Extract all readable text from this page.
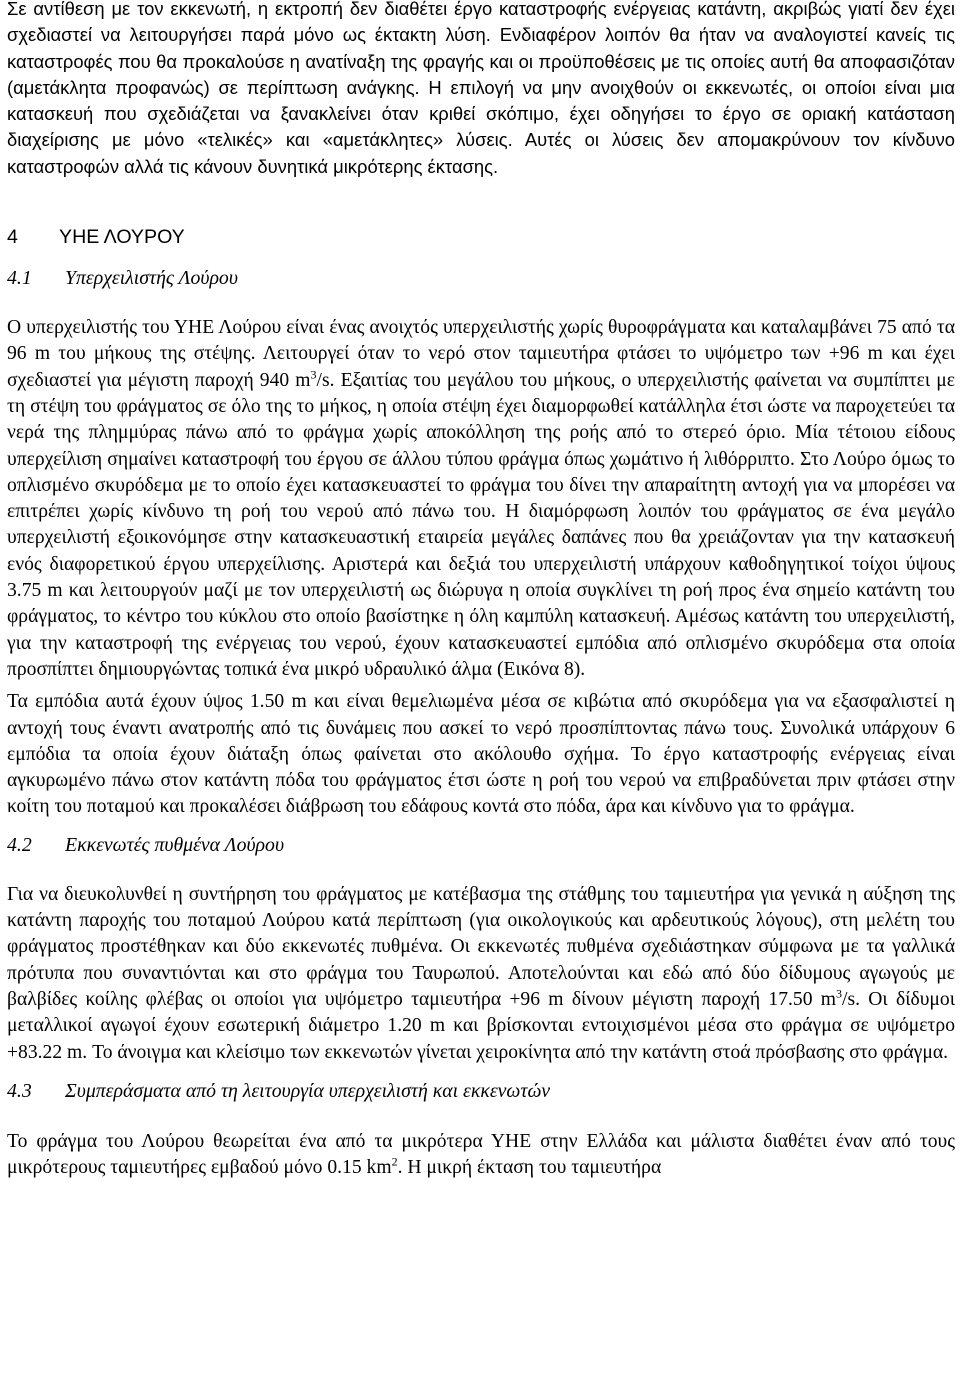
Σε αντίθεση με τον εκκενωτή, η εκτροπή δεν διαθέτει έργο καταστροφής ενέργειας κατάντη, ακριβώς γιατί δεν έχει σχεδιαστεί να λειτουργήσει παρά μόνο ως έκτακτη λύση. Ενδιαφέρον λοιπόν θα ήταν να αναλογιστεί κανείς τις καταστροφές που θα προκαλούσε η ανατίναξη της φραγής και οι προϋποθέσεις με τις οποίες αυτή θα αποφασιζόταν (αμετάκλητα προφανώς) σε περίπτωση ανάγκης. Η επιλογή να μην ανοιχθούν οι εκκενωτές, οι οποίοι είναι μια κατασκευή που σχεδιάζεται να ξανακλείνει όταν κριθεί σκόπιμο, έχει οδηγήσει το έργο σε οριακή κατάσταση διαχείρισης με μόνο «τελικές» και «αμετάκλητες» λύσεις. Αυτές οι λύσεις δεν απομακρύνουν τον κίνδυνο καταστροφών αλλά τις κάνουν δυνητικά μικρότερης έκτασης.

4 ΥΗΕ ΛΟΥΡΟΥ
4.1 Υπερχειλιστής Λούρου

Ο υπερχειλιστής του ΥΗΕ Λούρου είναι ένας ανοιχτός υπερχειλιστής χωρίς θυροφράγματα και καταλαμβάνει 75 από τα 96 m του μήκους της στέψης. Λειτουργεί όταν το νερό στον ταμιευτήρα φτάσει το υψόμετρο των +96 m και έχει σχεδιαστεί για μέγιστη παροχή 940 $m^3/s$. Εξαιτίας του μεγάλου του μήκους, ο υπερχειλιστής φαίνεται να συμπίπτει με τη στέψη του φράγματος σε όλο της το μήκος, η οποία στέψη έχει διαμορφωθεί κατάλληλα έτσι ώστε να παροχετεύει τα νερά της πλημμύρας πάνω από το φράγμα χωρίς αποκόλληση της ροής από το στερεό όριο. Μία τέτοιου είδους υπερχείλιση σημαίνει καταστροφή του έργου σε άλλου τύπου φράγμα όπως χωμάτινο ή λιθόρριπτο. Στο Λούρο όμως το οπλισμένο σκυρόδεμα με το οποίο έχει κατασκευαστεί το φράγμα του δίνει την απαραίτητη αντοχή για να μπορέσει να επιτρέπει χωρίς κίνδυνο τη ροή του νερού από πάνω του. Η διαμόρφωση λοιπόν του φράγματος σε ένα μεγάλο υπερχειλιστή εξοικονόμησε στην κατασκευαστική εταιρεία μεγάλες δαπάνες που θα χρειάζονταν για την κατασκευή ενός διαφορετικού έργου υπερχείλισης. Αριστερά και δεξιά του υπερχειλιστή υπάρχουν καθοδηγητικοί τοίχοι ύψους 3.75 m και λειτουργούν μαζί με τον υπερχειλιστή ως διώρυγα η οποία συγκλίνει τη ροή προς ένα σημείο κατάντη του φράγματος, το κέντρο του κύκλου στο οποίο βασίστηκε η όλη καμπύλη κατασκευή. Αμέσως κατάντη του υπερχειλιστή, για την καταστροφή της ενέργειας του νερού, έχουν κατασκευαστεί εμπόδια από οπλισμένο σκυρόδεμα στα οποία προσπίπτει δημιουργώντας τοπικά ένα μικρό υδραυλικό άλμα (Εικόνα 8).

Τα εμπόδια αυτά έχουν ύψος 1.50 m και είναι θεμελιωμένα μέσα σε κιβώτια από σκυρόδεμα για να εξασφαλιστεί η αντοχή τους έναντι ανατροπής από τις δυνάμεις που ασκεί το νερό προσπίπτοντας πάνω τους. Συνολικά υπάρχουν 6 εμπόδια τα οποία έχουν διάταξη όπως φαίνεται στο ακόλουθο σχήμα. Το έργο καταστροφής ενέργειας είναι αγκυρωμένο πάνω στον κατάντη πόδα του φράγματος έτσι ώστε η ροή του νερού να επιβραδύνεται πριν φτάσει στην κοίτη του ποταμού και προκαλέσει διάβρωση του εδάφους κοντά στο πόδα, άρα και κίνδυνο για το φράγμα.

4.2 Εκκενωτές πυθμένα Λούρου

Για να διευκολυνθεί η συντήρηση του φράγματος με κατέβασμα της στάθμης του ταμιευτήρα για γενικά η αύξηση της κατάντη παροχής του ποταμού Λούρου κατά περίπτωση (για οικολογικούς και αρδευτικούς λόγους), στη μελέτη του φράγματος προστέθηκαν και δύο εκκενωτές πυθμένα. Οι εκκενωτές πυθμένα σχεδιάστηκαν σύμφωνα με τα γαλλικά πρότυπα που συναντιόνται και στο φράγμα του Ταυρωπού. Αποτελούνται και εδώ από δύο δίδυμους αγωγούς με βαλβίδες κοίλης φλέβας οι οποίοι για υψόμετρο ταμιευτήρα +96 m δίνουν μέγιστη παροχή 17.50 $m^3/s$. Οι δίδυμοι μεταλλικοί αγωγοί έχουν εσωτερική διάμετρο 1.20 m και βρίσκονται εντοιχισμένοι μέσα στο φράγμα σε υψόμετρο +83.22 m. Το άνοιγμα και κλείσιμο των εκκενωτών γίνεται χειροκίνητα από την κατάντη στοά πρόσβασης στο φράγμα.

4.3 Συμπεράσματα από τη λειτουργία υπερχειλιστή και εκκενωτών

Το φράγμα του Λούρου θεωρείται ένα από τα μικρότερα ΥΗΕ στην Ελλάδα και μάλιστα διαθέτει έναν από τους μικρότερους ταμιευτήρες εμβαδού μόνο 0.15 $km^2$. Η μικρή έκταση του ταμιευτήρα
